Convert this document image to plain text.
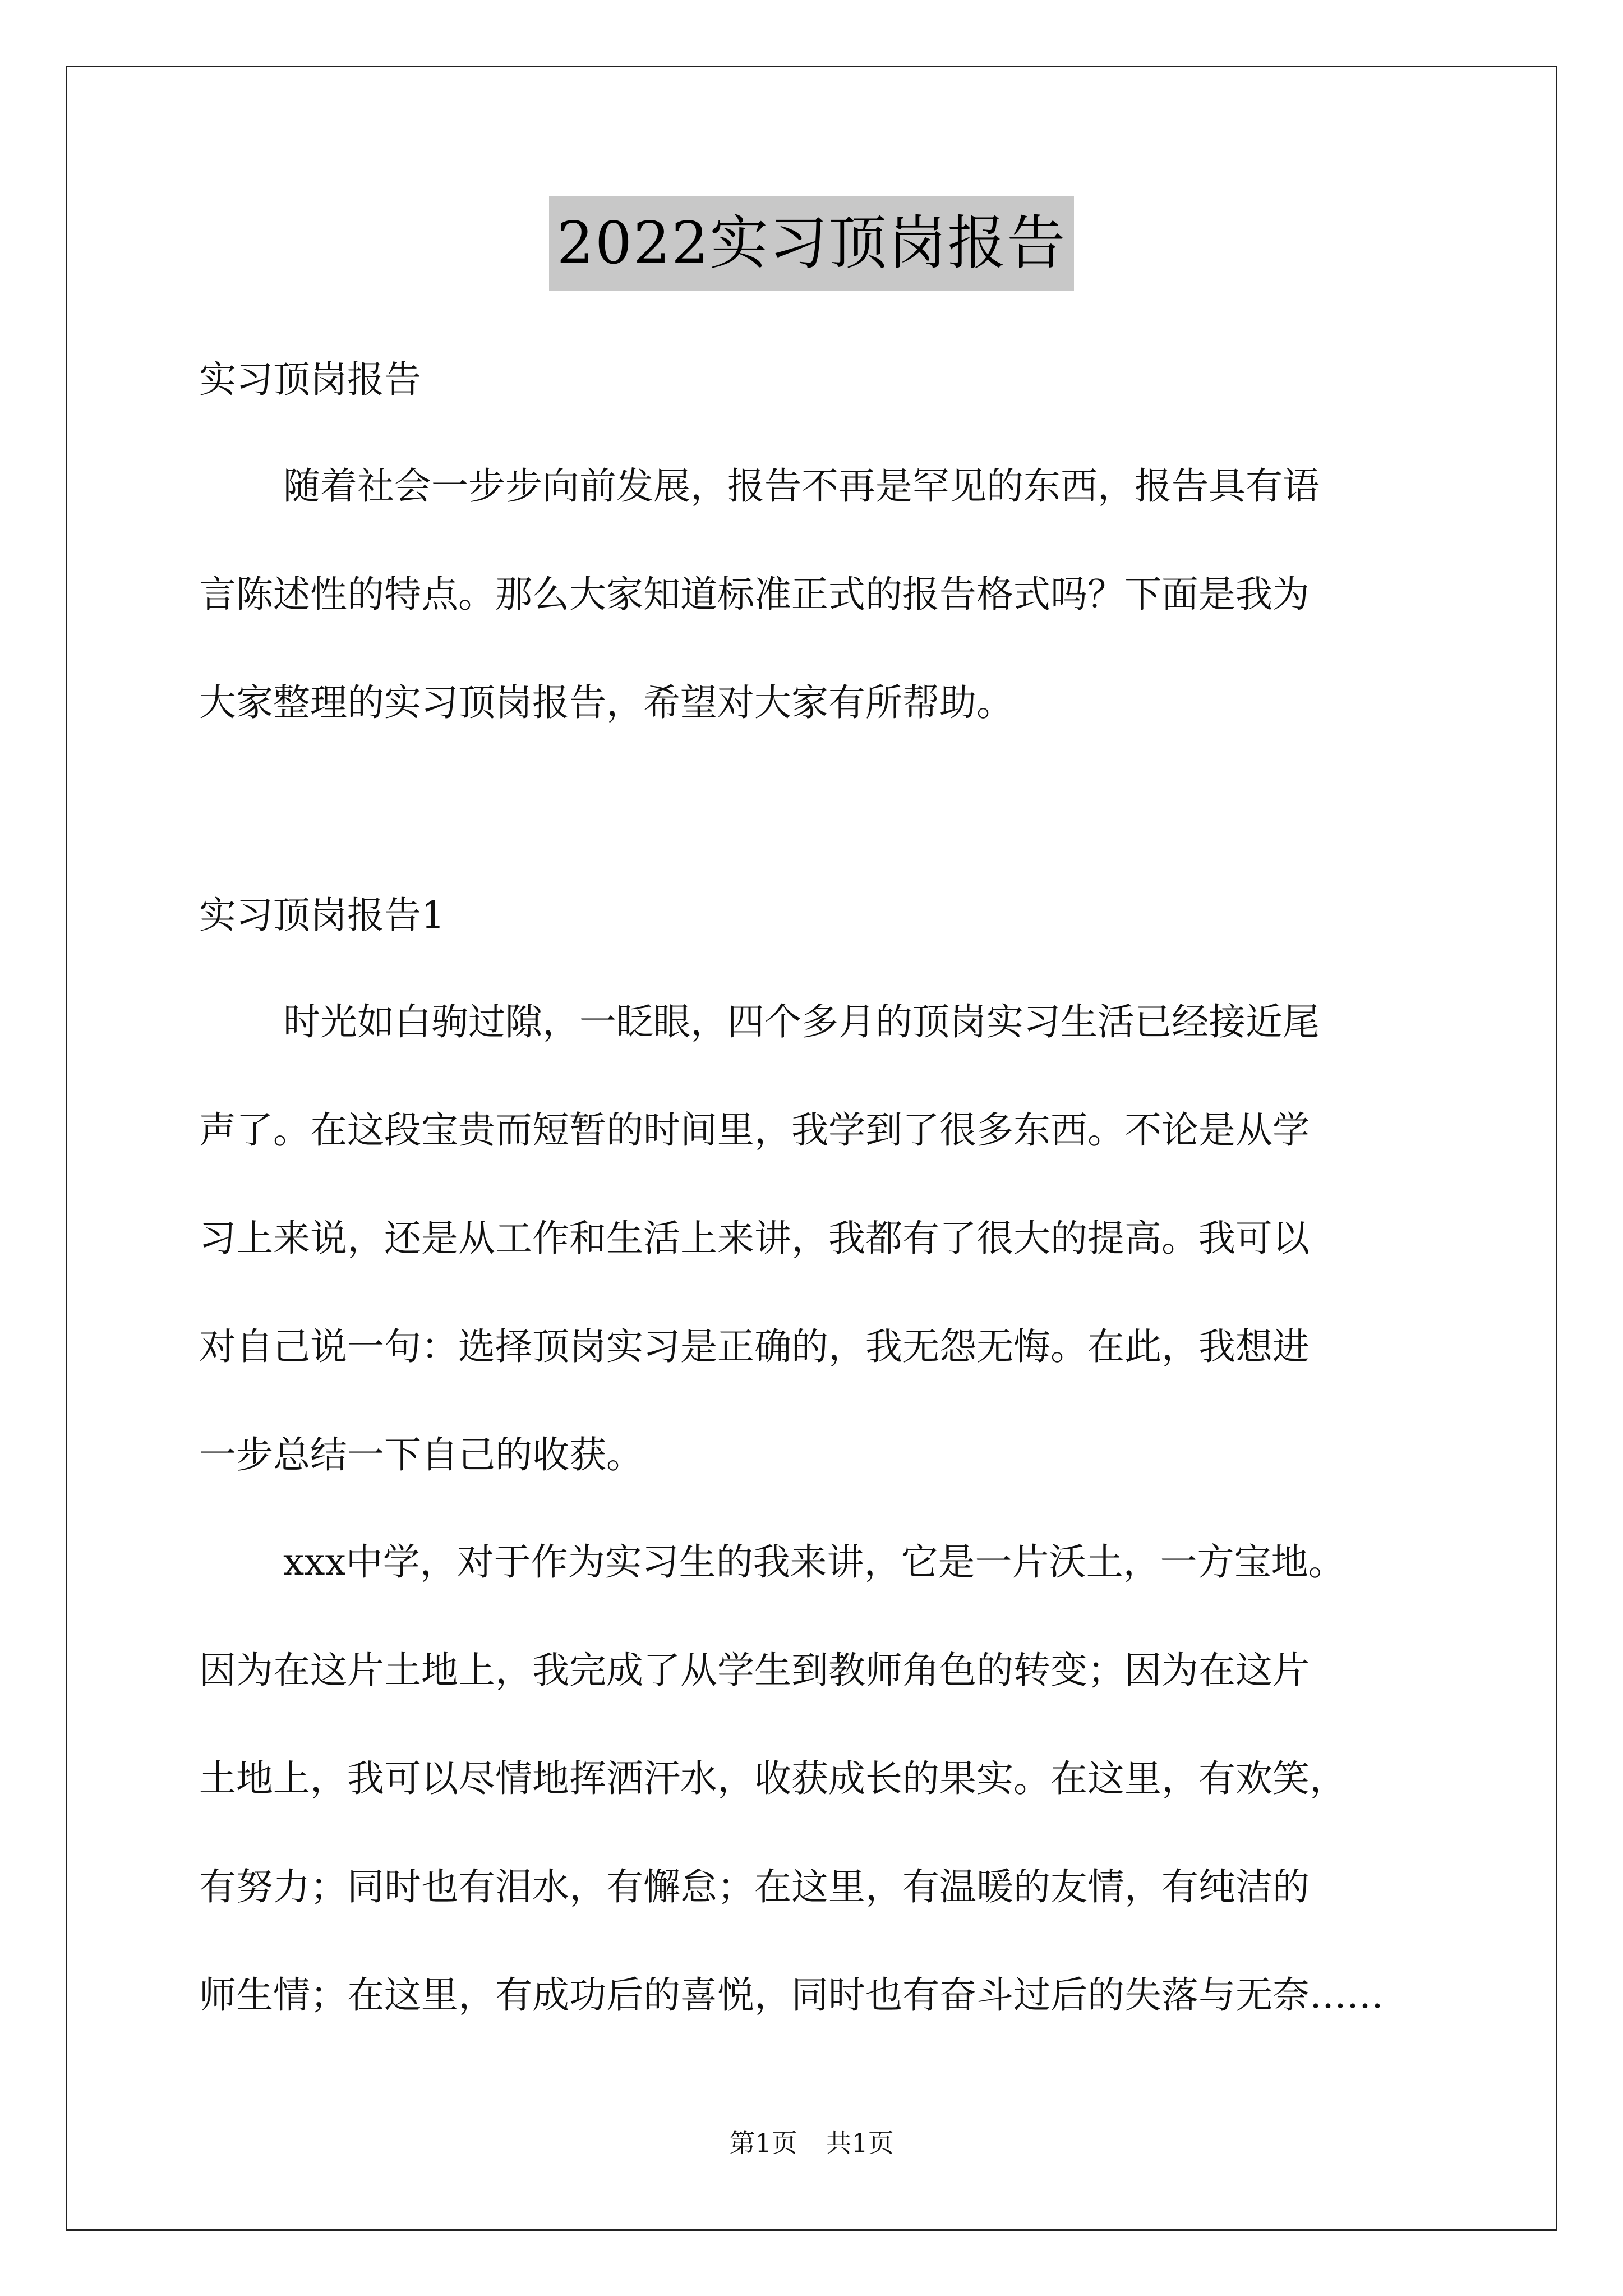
2022实习顶岗报告

实习顶岗报告

随着社会一步步向前发展，报告不再是罕见的东西，报告具有语
言陈述性的特点。那么大家知道标准正式的报告格式吗？下面是我为
大家整理的实习顶岗报告，希望对大家有所帮助。

实习顶岗报告1

时光如白驹过隙，一眨眼，四个多月的顶岗实习生活已经接近尾
声了。在这段宝贵而短暂的时间里，我学到了很多东西。不论是从学
习上来说，还是从工作和生活上来讲，我都有了很大的提高。我可以
对自己说一句：选择顶岗实习是正确的，我无怨无悔。在此，我想进
一步总结一下自己的收获。

xxx中学，对于作为实习生的我来讲，它是一片沃土，一方宝地。
因为在这片土地上，我完成了从学生到教师角色的转变；因为在这片
土地上，我可以尽情地挥洒汗水，收获成长的果实。在这里，有欢笑，
有努力；同时也有泪水，有懈怠；在这里，有温暖的友情，有纯洁的
师生情；在这里，有成功后的喜悦，同时也有奋斗过后的失落与无奈……

第1页 共1页
